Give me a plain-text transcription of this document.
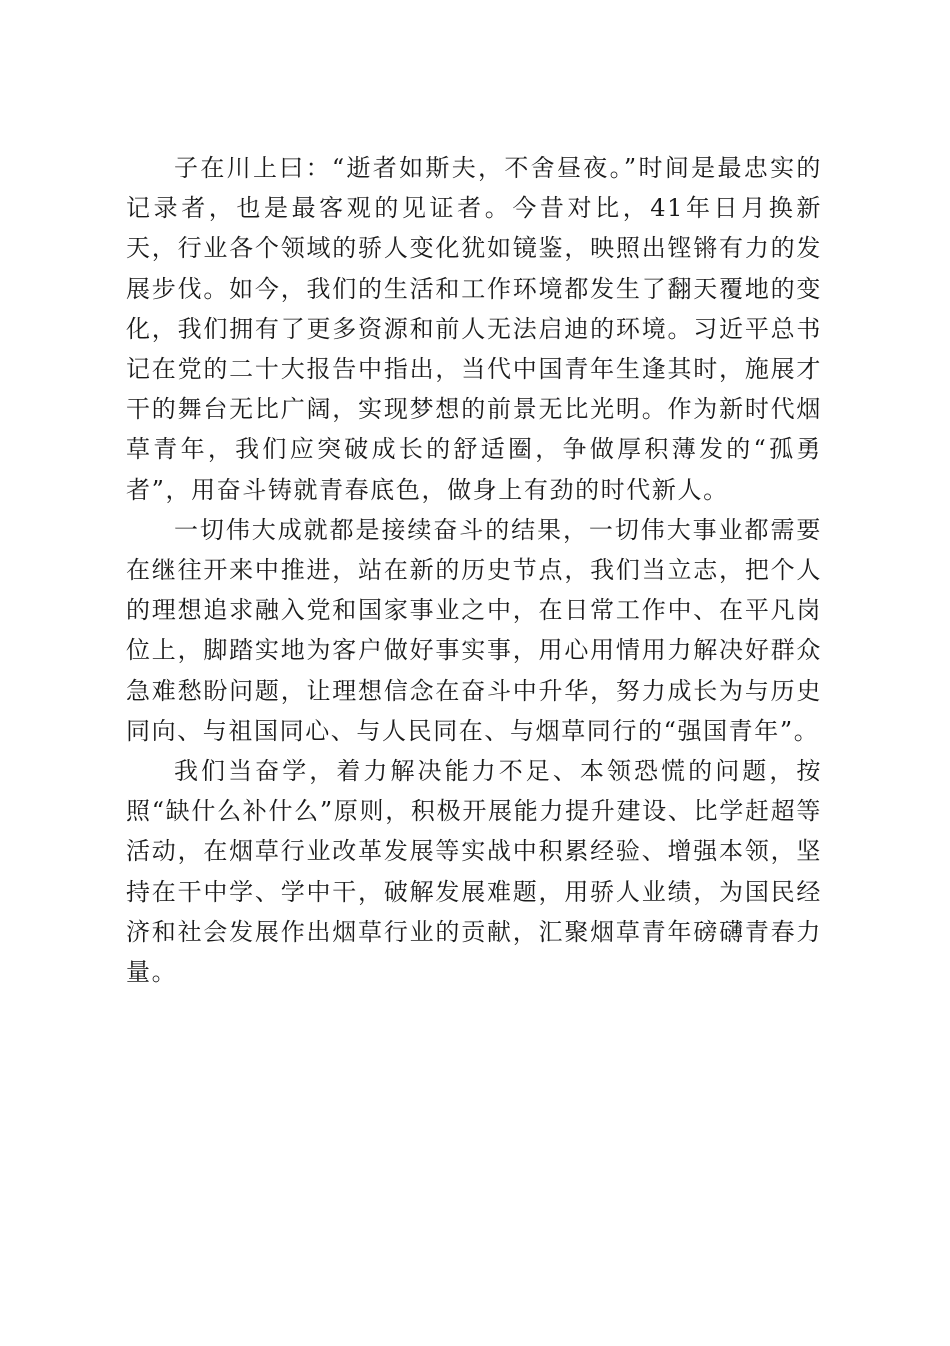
子在川上曰：“逝者如斯夫，不舍昼夜。”时间是最忠实的记录者，也是最客观的见证者。今昔对比，41年日月换新天，行业各个领域的骄人变化犹如镜鉴，映照出铿锵有力的发展步伐。如今，我们的生活和工作环境都发生了翻天覆地的变化，我们拥有了更多资源和前人无法启迪的环境。习近平总书记在党的二十大报告中指出，当代中国青年生逢其时，施展才干的舞台无比广阔，实现梦想的前景无比光明。作为新时代烟草青年，我们应突破成长的舒适圈，争做厚积薄发的“孤勇者”，用奋斗铸就青春底色，做身上有劲的时代新人。

一切伟大成就都是接续奋斗的结果，一切伟大事业都需要在继往开来中推进，站在新的历史节点，我们当立志，把个人的理想追求融入党和国家事业之中，在日常工作中、在平凡岗位上，脚踏实地为客户做好事实事，用心用情用力解决好群众急难愁盼问题，让理想信念在奋斗中升华，努力成长为与历史同向、与祖国同心、与人民同在、与烟草同行的“强国青年”。

我们当奋学，着力解决能力不足、本领恐慌的问题，按照“缺什么补什么”原则，积极开展能力提升建设、比学赶超等活动，在烟草行业改革发展等实战中积累经验、增强本领，坚持在干中学、学中干，破解发展难题，用骄人业绩，为国民经济和社会发展作出烟草行业的贡献，汇聚烟草青年磅礴青春力量。
